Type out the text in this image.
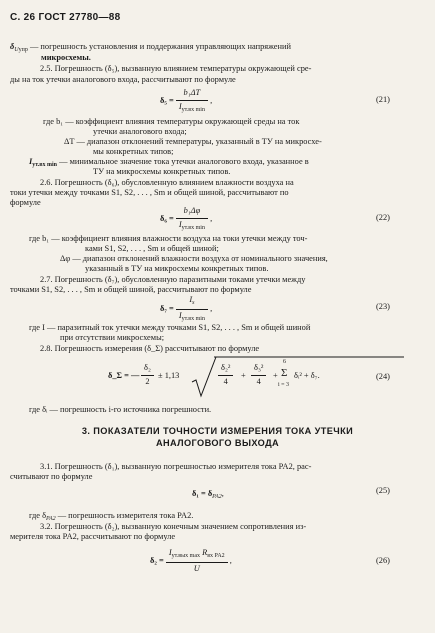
С. 26 ГОСТ 27780—88
$\delta_{Uупр}$ — погрешность установления и поддержания управляющих напряжений
микросхемы.
2.5. Погрешность (δ₅), вызванную влиянием температуры окружающей сре-
ды на ток утечки аналогового входа, рассчитывают по формуле
$\delta_5 = \frac{\text{b₁ΔT}}{I_{ут.вх min}}$ ,	(21)
где b₁ — коэффициент влияния температуры окружающей среды на ток
утечки аналогового входа;
ΔT — диапазон отклонений температуры, указанный в ТУ на микросхе-
мы конкретных типов;
$I_{ут.вх min}$ — минимальное значение тока утечки аналогового входа, указанное в
ТУ на микросхемы конкретных типов.
2.6. Погрешность (δ₆), обусловленную влиянием влажности воздуха на
токи утечки между точками S1, S2, . . . , Sm и общей шиной, рассчитывают по
формуле
$\delta_6 = \frac{\text{b₁Δφ}}{I_{ут.вх min}}$ ,	(22)
где b₁ — коэффициент влияния влажности воздуха на токи утечки между точ-
ками S1, S2, . . . , Sm и общей шиной;
Δφ — диапазон отклонений влажности воздуха от номинального значения,
указанный в ТУ на микросхемы конкретных типов.
2.7. Погрешность (δ₇), обусловленную паразитными токами утечки между
точками S1, S2, . . . , Sm и общей шиной, рассчитывают по формуле
$\delta_7 = \frac{I_s}{I_{ут.вх min}}$ ,	(23)
где I — паразитный ток утечки между точками S1, S2, . . . , Sm и общей шиной
при отсутствии микросхемы;
2.8. Погрешность измерения (δ_Σ) рассчитывают по формуле
δ_Σ = — $\frac{\text{δ₂}}{2} \pm 1,13$	$\frac{\text{δ₂²}}{4} + \frac{\text{δ₃²}}{4}$ +
6
Σ
i = 3
δᵢ² + δ₇.	(24)
где δᵢ — погрешность i-го источника погрешности.
3. ПОКАЗАТЕЛИ ТОЧНОСТИ ИЗМЕРЕНИЯ ТОКА УТЕЧКИ
АНАЛОГОВОГО ВЫХОДА
3.1. Погрешность (δ₁), вызванную погрешностью измерителя тока PA2, рас-
считывают по формуле
$\delta_1 = \delta_{PA2}$,	(25)
где $\delta_{PA2}$ — погрешность измерителя тока PA2.
3.2. Погрешность (δ₂), вызванную конечным значением сопротивления из-
мерителя тока PA2, рассчитывают по формуле
$\delta_2 = \frac{I_{ут.вых max} R_{вх PA2}}{U}$ ,	(26)
